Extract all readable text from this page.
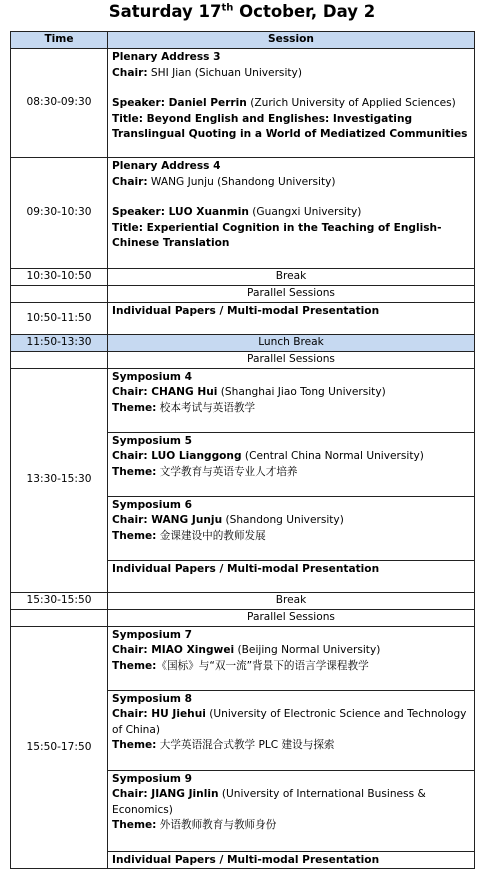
Saturday 17th October, Day 2
Time	Session
08:30-09:30	Plenary Address 3
Chair: SHI Jian (Sichuan University)
Speaker: Daniel Perrin (Zurich University of Applied Sciences)
Title: Beyond English and Englishes: Investigating Translingual Quoting in a World of Mediatized Communities

09:30-10:30	Plenary Address 4
Chair: WANG Junju (Shandong University)
Speaker: LUO Xuanmin (Guangxi University)
Title: Experiential Cognition in the Teaching of English-Chinese Translation

10:30-10:50	Break
	Parallel Sessions
10:50-11:50	Individual Papers / Multi-modal Presentation
11:50-13:30	Lunch Break
	Parallel Sessions
13:30-15:30	Symposium 4
Chair: CHANG Hui (Shanghai Jiao Tong University)
Theme: 校本考试与英语教学

	Symposium 5
Chair: LUO Lianggong (Central China Normal University)
Theme: 文学教育与英语专业人才培养

	Symposium 6
Chair: WANG Junju (Shandong University)
Theme: 金课建设中的教师发展

	Individual Papers / Multi-modal Presentation
15:30-15:50	Break
	Parallel Sessions
15:50-17:50	Symposium 7
Chair: MIAO Xingwei (Beijing Normal University)
Theme:《国标》与“双一流”背景下的语言学课程教学

	Symposium 8
Chair: HU Jiehui (University of Electronic Science and Technology of China)
Theme: 大学英语混合式教学 PLC 建设与探索

	Symposium 9
Chair: JIANG Jinlin (University of International Business & Economics)
Theme: 外语教师教育与教师身份

	Individual Papers / Multi-modal Presentation
